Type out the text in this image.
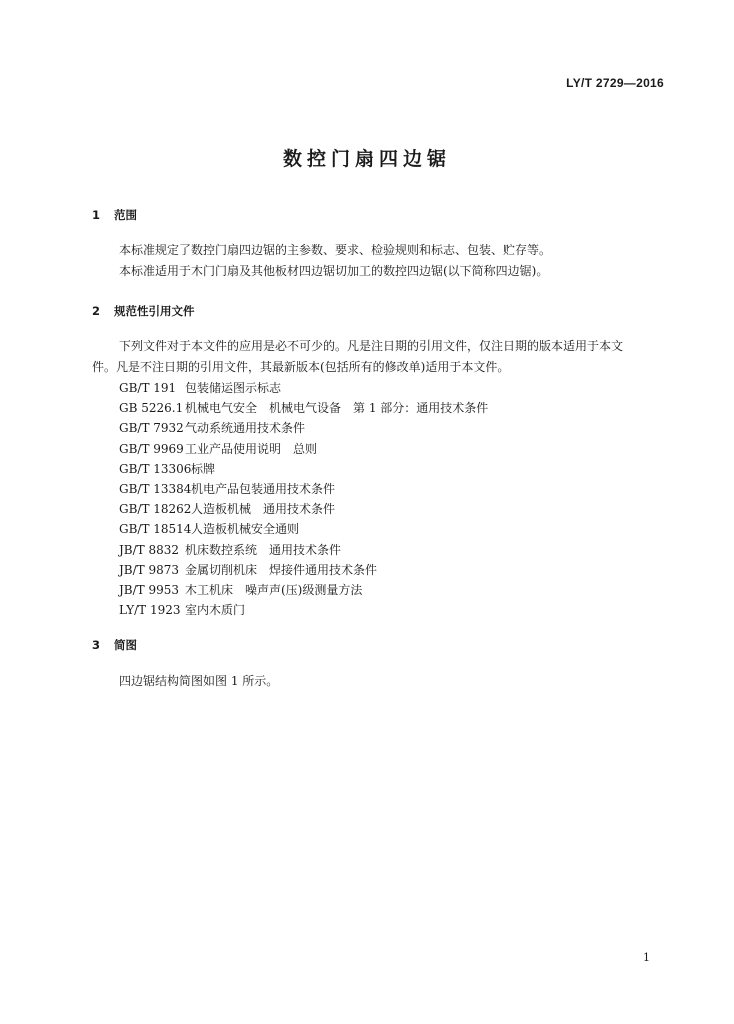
LY/T 2729—2016
数控门扇四边锯
1 范围
本标准规定了数控门扇四边锯的主参数、要求、检验规则和标志、包装、贮存等。
本标准适用于木门门扇及其他板材四边锯切加工的数控四边锯(以下简称四边锯)。
2 规范性引用文件
下列文件对于本文件的应用是必不可少的。凡是注日期的引用文件，仅注日期的版本适用于本文
件。凡是不注日期的引用文件，其最新版本(包括所有的修改单)适用于本文件。
GB/T 191 包装储运图示标志
GB 5226.1 机械电气安全　机械电气设备　第 1 部分：通用技术条件
GB/T 7932气动系统通用技术条件
GB/T 9969工业产品使用说明　总则
GB/T 13306标牌
GB/T 13384机电产品包装通用技术条件
GB/T 18262人造板机械　通用技术条件
GB/T 18514人造板机械安全通则
JB/T 8832 机床数控系统　通用技术条件
JB/T 9873 金属切削机床　焊接件通用技术条件
JB/T 9953 木工机床　噪声声(压)级测量方法
LY/T 1923 室内木质门
3 简图
四边锯结构简图如图 1 所示。
1
